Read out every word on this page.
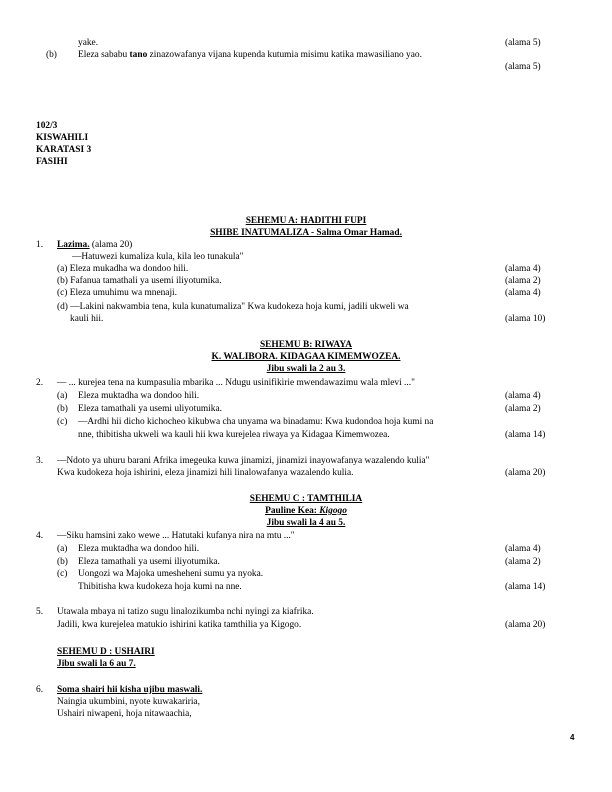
yake.	(alama 5)
(b) Eleza sababu tano zinazowafanya vijana kupenda kutumia misimu katika mawasiliano yao.
(alama 5)
102/3
KISWAHILI
KARATASI 3
FASIHI
SEHEMU A: HADITHI FUPI
SHIBE INATUMALIZA - Salma Omar Hamad.
1. Lazima. (alama 20)
―Hatuwezi kumaliza kula, kila leo tunakula"
(a) Eleza mukadha wa dondoo hili.	(alama 4)
(b) Fafanua tamathali ya usemi iliyotumika.	(alama 2)
(c) Eleza umuhimu wa mnenaji.	(alama 4)
(d) ―Lakini nakwambia tena, kula kunatumaliza" Kwa kudokeza hoja kumi, jadili ukweli wa
kauli hii.	(alama 10)
SEHEMU B: RIWAYA
K. WALIBORA. KIDAGAA KIMEMWOZEA.
Jibu swali la 2 au 3.
2. ― ... kurejea tena na kumpasulia mbarika ... Ndugu usinifikirie mwendawazimu wala mlevi ..."
(a) Eleza muktadha wa dondoo hili.	(alama 4)
(b) Eleza tamathali ya usemi uliyotumika.	(alama 2)
(c) ―Ardhi hii dicho kichocheo kikubwa cha unyama wa binadamu: Kwa kudondoa hoja kumi na
nne, thibitisha ukweli wa kauli hii kwa kurejelea riwaya ya Kidagaa Kimemwozea.	(alama 14)
3. ―Ndoto ya uhuru barani Afrika imegeuka kuwa jinamizi, jinamizi inayowafanya wazalendo kulia"
Kwa kudokeza hoja ishirini, eleza jinamizi hili linalowafanya wazalendo kulia.	(alama 20)
SEHEMU C : TAMTHILIA
Pauline Kea: Kigogo
Jibu swali la 4 au 5.
4. ―Siku hamsini zako wewe ... Hatutaki kufanya nira na mtu ..."
(a) Eleza muktadha wa dondoo hili.	(alama 4)
(b) Eleza tamathali ya usemi iliyotumika.	(alama 2)
(c) Uongozi wa Majoka umesheheni sumu ya nyoka.
Thibitisha kwa kudokeza hoja kumi na nne.	(alama 14)
5. Utawala mbaya ni tatizo sugu linalozikumba nchi nyingi za kiafrika.
Jadili, kwa kurejelea matukio ishirini katika tamthilia ya Kigogo.	(alama 20)
SEHEMU D : USHAIRI
Jibu swali la 6 au 7.
6. Soma shairi hii kisha ujibu maswali.
Naingia ukumbini, nyote kuwakariria,
Ushairi niwapeni, hoja nitawaachia,
4
